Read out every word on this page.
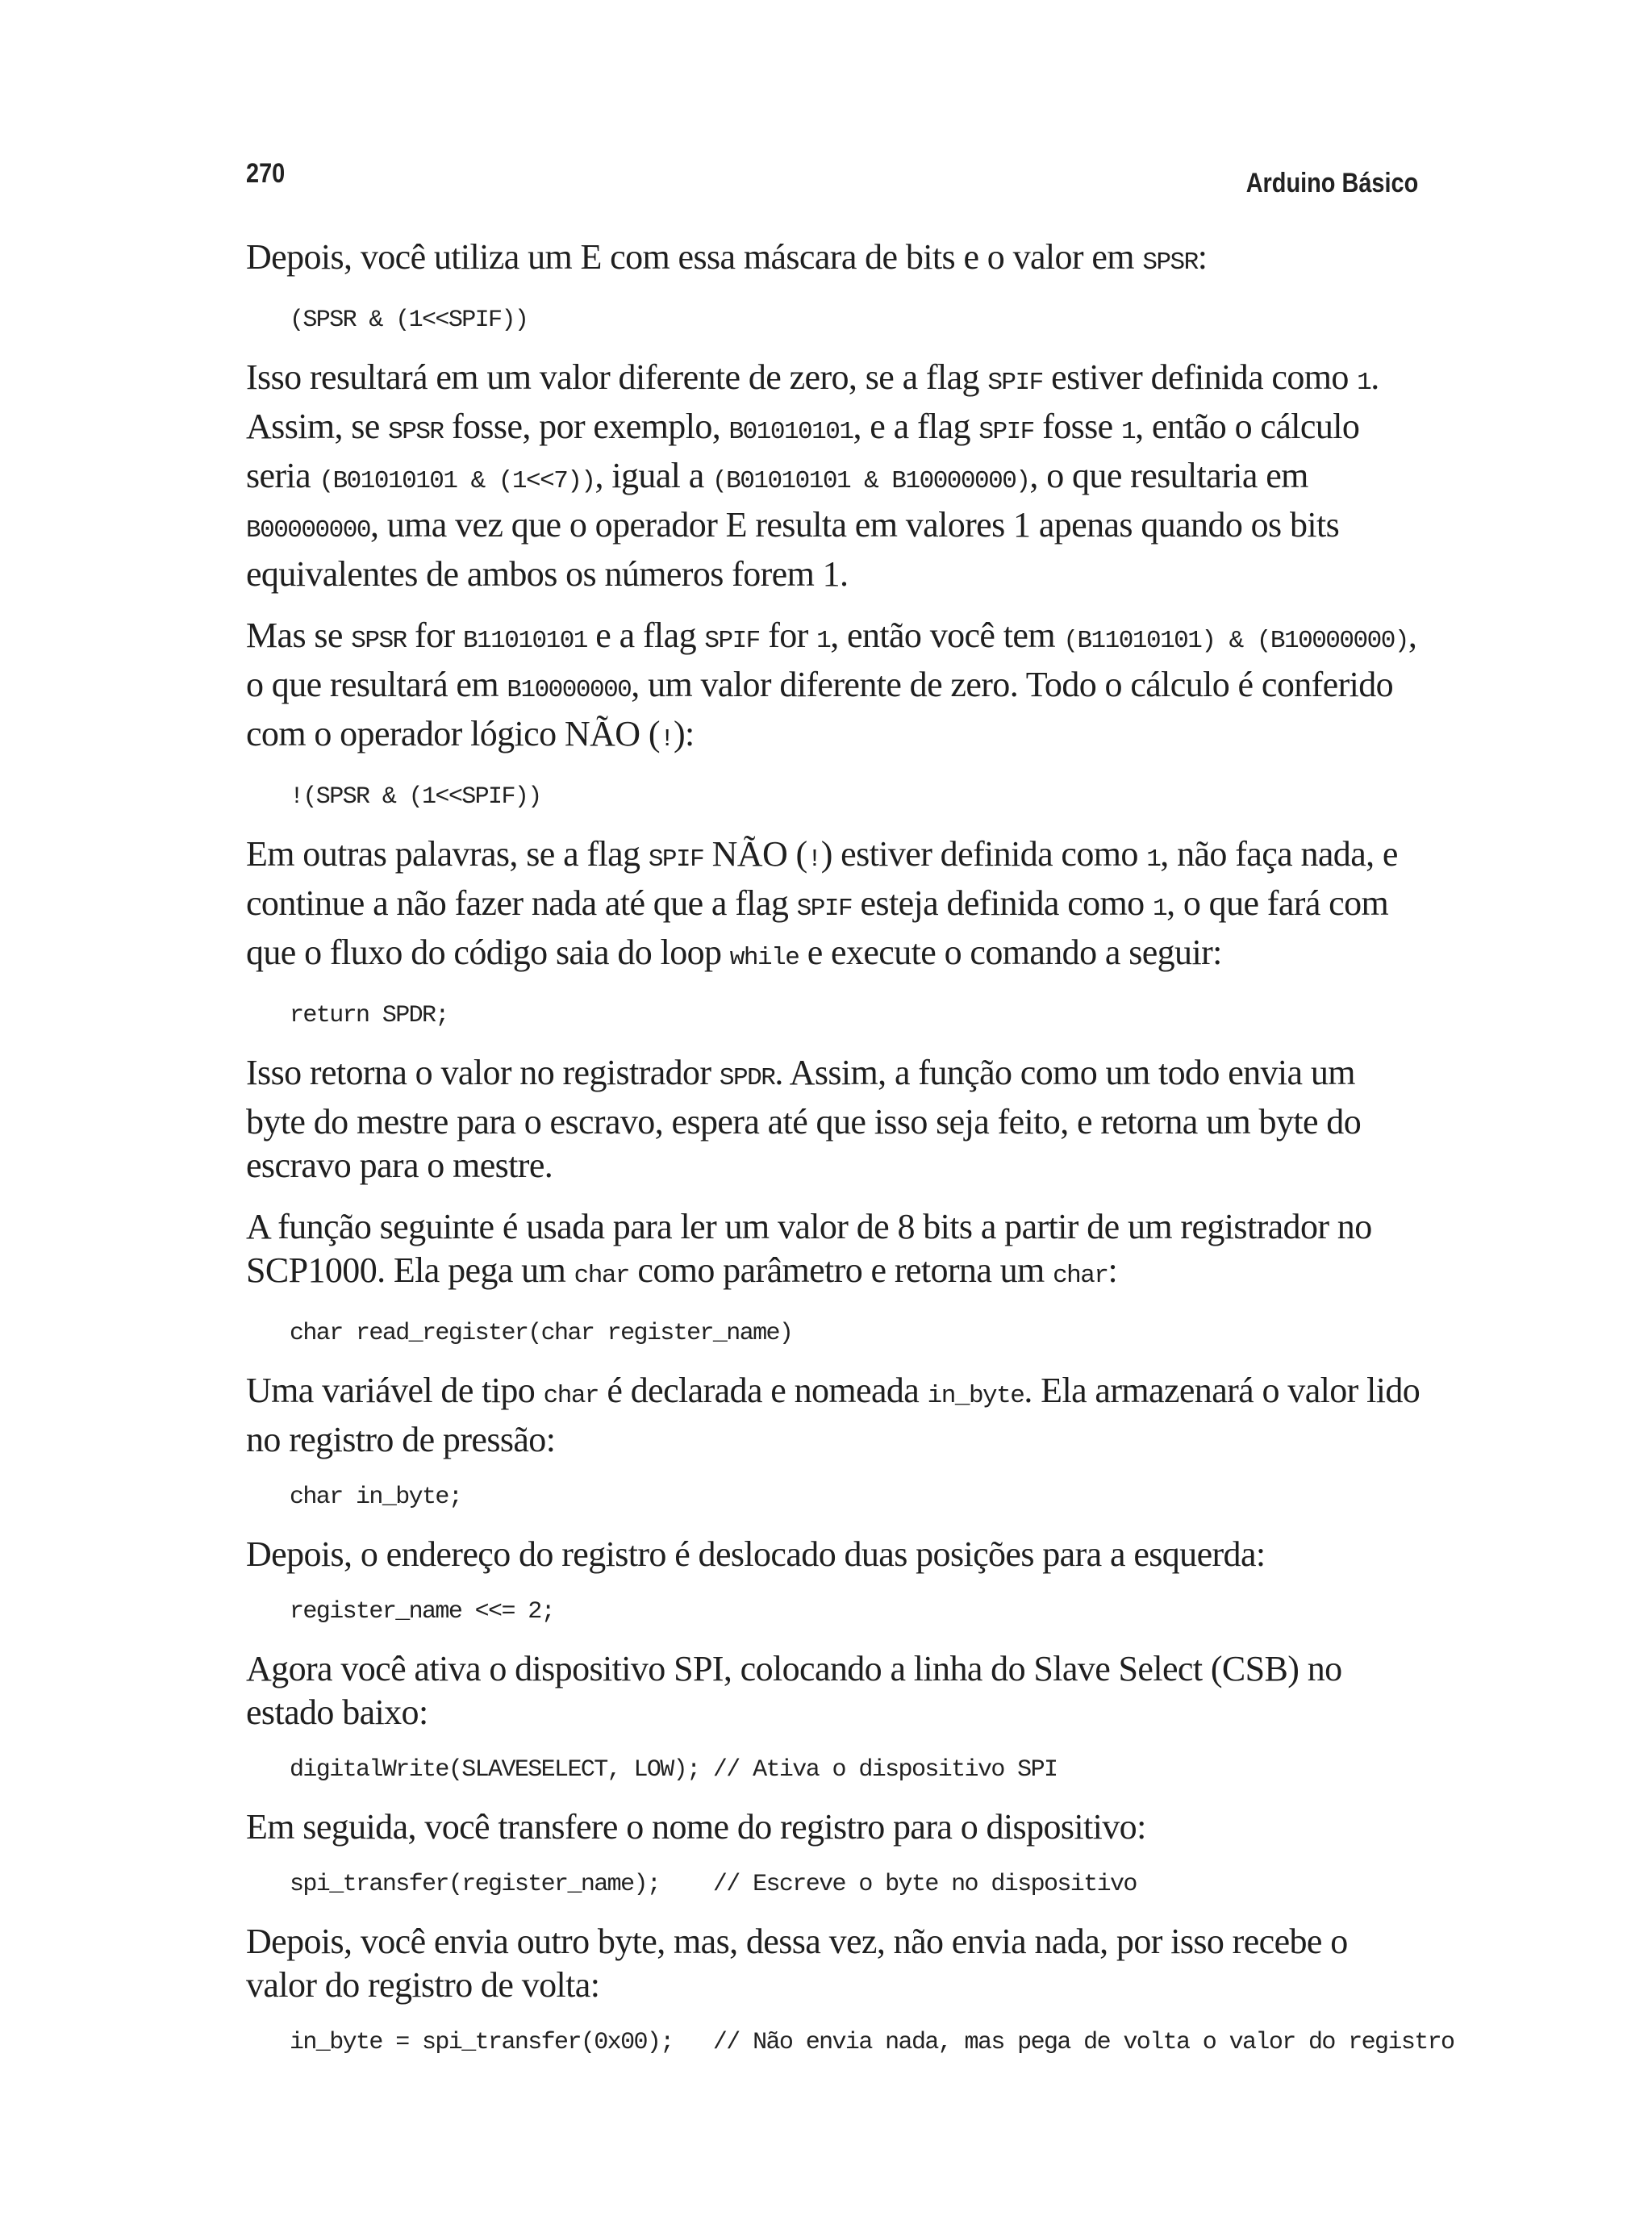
270	Arduino Básico

Depois, você utiliza um E com essa máscara de bits e o valor em SPSR:

(SPSR & (1<<SPIF))

Isso resultará em um valor diferente de zero, se a flag SPIF estiver definida como 1. Assim, se SPSR fosse, por exemplo, B01010101, e a flag SPIF fosse 1, então o cálculo seria (B01010101 & (1<<7)), igual a (B01010101 & B10000000), o que resultaria em B00000000, uma vez que o operador E resulta em valores 1 apenas quando os bits equivalentes de ambos os números forem 1.

Mas se SPSR for B11010101 e a flag SPIF for 1, então você tem (B11010101) & (B10000000), o que resultará em B10000000, um valor diferente de zero. Todo o cálculo é conferido com o operador lógico NÃO (!):

!(SPSR & (1<<SPIF))

Em outras palavras, se a flag SPIF NÃO (!) estiver definida como 1, não faça nada, e continue a não fazer nada até que a flag SPIF esteja definida como 1, o que fará com que o fluxo do código saia do loop while e execute o comando a seguir:

return SPDR;

Isso retorna o valor no registrador SPDR. Assim, a função como um todo envia um byte do mestre para o escravo, espera até que isso seja feito, e retorna um byte do escravo para o mestre.

A função seguinte é usada para ler um valor de 8 bits a partir de um registrador no SCP1000. Ela pega um char como parâmetro e retorna um char:

char read_register(char register_name)

Uma variável de tipo char é declarada e nomeada in_byte. Ela armazenará o valor lido no registro de pressão:

char in_byte;

Depois, o endereço do registro é deslocado duas posições para a esquerda:

register_name <<= 2;

Agora você ativa o dispositivo SPI, colocando a linha do Slave Select (CSB) no estado baixo:

digitalWrite(SLAVESELECT, LOW); // Ativa o dispositivo SPI

Em seguida, você transfere o nome do registro para o dispositivo:

spi_transfer(register_name);    // Escreve o byte no dispositivo

Depois, você envia outro byte, mas, dessa vez, não envia nada, por isso recebe o valor do registro de volta:

in_byte = spi_transfer(0x00);   // Não envia nada, mas pega de volta o valor do registro
